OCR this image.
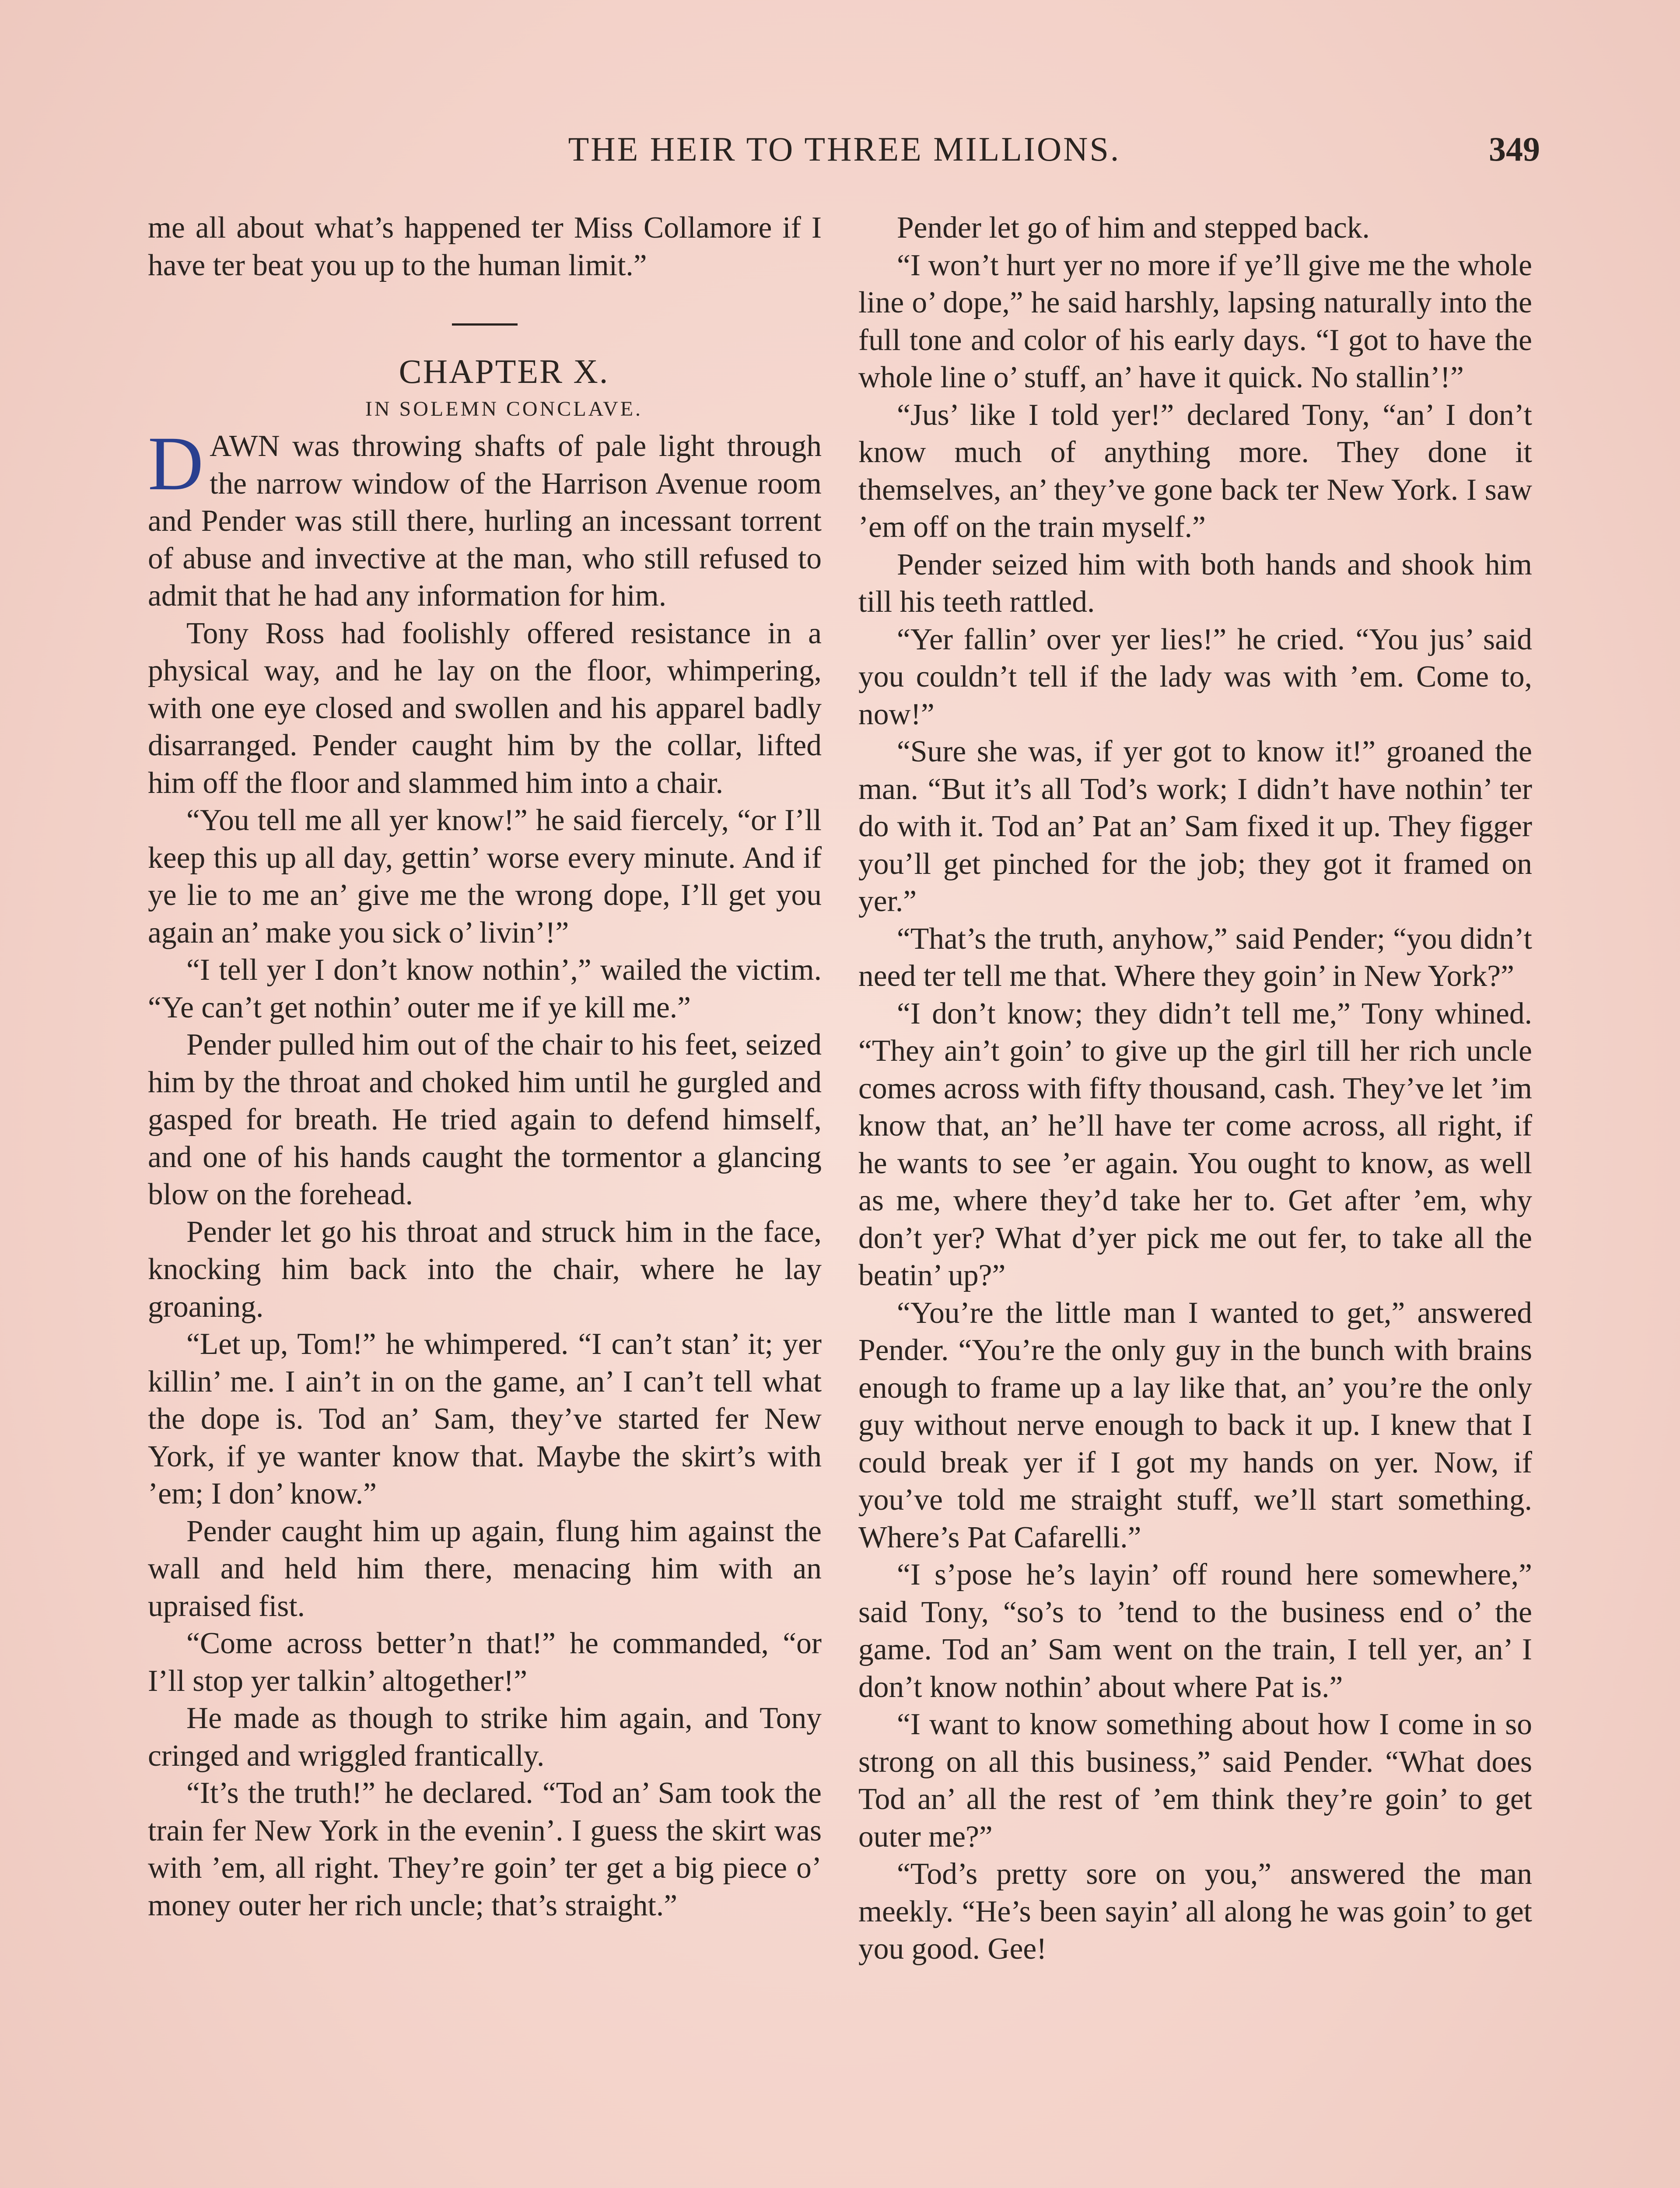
THE HEIR TO THREE MILLIONS.	349

me all about what’s happened ter Miss Collamore if I have ter beat you up to the human limit.”

CHAPTER X.

IN SOLEMN CONCLAVE.

DAWN was throwing shafts of pale light through the narrow window of the Harrison Avenue room and Pender was still there, hurling an incessant torrent of abuse and invective at the man, who still refused to admit that he had any information for him.

Tony Ross had foolishly offered resistance in a physical way, and he lay on the floor, whimpering, with one eye closed and swollen and his apparel badly disarranged. Pender caught him by the collar, lifted him off the floor and slammed him into a chair.

“You tell me all yer know!” he said fiercely, “or I’ll keep this up all day, gettin’ worse every minute. And if ye lie to me an’ give me the wrong dope, I’ll get you again an’ make you sick o’ livin’!”

“I tell yer I don’t know nothin’,” wailed the victim. “Ye can’t get nothin’ outer me if ye kill me.”

Pender pulled him out of the chair to his feet, seized him by the throat and choked him until he gurgled and gasped for breath. He tried again to defend himself, and one of his hands caught the tormentor a glancing blow on the forehead.

Pender let go his throat and struck him in the face, knocking him back into the chair, where he lay groaning.

“Let up, Tom!” he whimpered. “I can’t stan’ it; yer killin’ me. I ain’t in on the game, an’ I can’t tell what the dope is. Tod an’ Sam, they’ve started fer New York, if ye wanter know that. Maybe the skirt’s with ’em; I don’ know.”

Pender caught him up again, flung him against the wall and held him there, menacing him with an upraised fist.

“Come across better’n that!” he commanded, “or I’ll stop yer talkin’ altogether!”

He made as though to strike him again, and Tony cringed and wriggled frantically.

“It’s the truth!” he declared. “Tod an’ Sam took the train fer New York in the evenin’. I guess the skirt was with ’em, all right. They’re goin’ ter get a big piece o’ money outer her rich uncle; that’s straight.”

Pender let go of him and stepped back.

“I won’t hurt yer no more if ye’ll give me the whole line o’ dope,” he said harshly, lapsing naturally into the full tone and color of his early days. “I got to have the whole line o’ stuff, an’ have it quick. No stallin’!”

“Jus’ like I told yer!” declared Tony, “an’ I don’t know much of anything more. They done it themselves, an’ they’ve gone back ter New York. I saw ’em off on the train myself.”

Pender seized him with both hands and shook him till his teeth rattled.

“Yer fallin’ over yer lies!” he cried. “You jus’ said you couldn’t tell if the lady was with ’em. Come to, now!”

“Sure she was, if yer got to know it!” groaned the man. “But it’s all Tod’s work; I didn’t have nothin’ ter do with it. Tod an’ Pat an’ Sam fixed it up. They figger you’ll get pinched for the job; they got it framed on yer.”

“That’s the truth, anyhow,” said Pender; “you didn’t need ter tell me that. Where they goin’ in New York?”

“I don’t know; they didn’t tell me,” Tony whined. “They ain’t goin’ to give up the girl till her rich uncle comes across with fifty thousand, cash. They’ve let ’im know that, an’ he’ll have ter come across, all right, if he wants to see ’er again. You ought to know, as well as me, where they’d take her to. Get after ’em, why don’t yer? What d’yer pick me out fer, to take all the beatin’ up?”

“You’re the little man I wanted to get,” answered Pender. “You’re the only guy in the bunch with brains enough to frame up a lay like that, an’ you’re the only guy without nerve enough to back it up. I knew that I could break yer if I got my hands on yer. Now, if you’ve told me straight stuff, we’ll start something. Where’s Pat Cafarelli.”

“I s’pose he’s layin’ off round here somewhere,” said Tony, “so’s to ’tend to the business end o’ the game. Tod an’ Sam went on the train, I tell yer, an’ I don’t know nothin’ about where Pat is.”

“I want to know something about how I come in so strong on all this business,” said Pender. “What does Tod an’ all the rest of ’em think they’re goin’ to get outer me?”

“Tod’s pretty sore on you,” answered the man meekly. “He’s been sayin’ all along he was goin’ to get you good. Gee!
